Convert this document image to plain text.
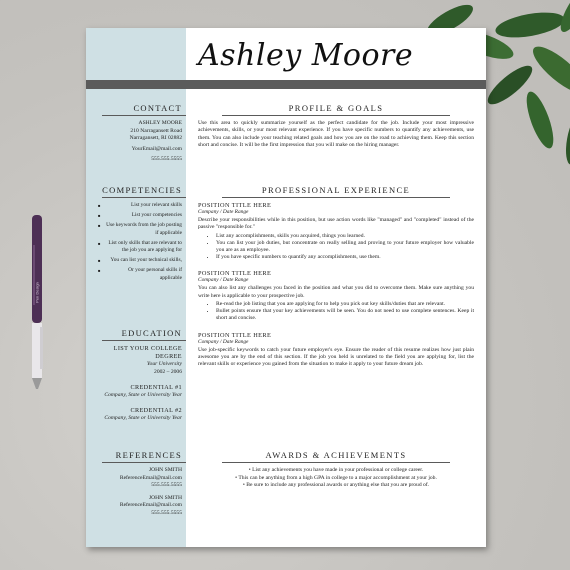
Ashley Moore
CONTACT
ASHLEY MOORE
210 Narragansett Road
Narragansett, RI 02882
YourEmail@mail.com
555.555.5555
COMPETENCIES
■ List your relevant skills
■ List your competencies
■ Use keywords from the job posting if applicable
■ List only skills that are relevant to the job you are applying for
■ You can list your technical skills,
■ Or your personal skills if applicable
EDUCATION
LIST YOUR COLLEGE DEGREE
Your University
2002 – 2006
CREDENTIAL #1
Company, State or University Year
CREDENTIAL #2
Company, State or University Year
REFERENCES
JOHN SMITH
ReferenceEmail@mail.com
555.555.5555
JOHN SMITH
ReferenceEmail@mail.com
555.555.5555
PROFILE & GOALS
Use this area to quickly summarize yourself as the perfect candidate for the job. Include your most impressive achievements, skills, or your most relevant experience. If you have specific numbers to quantify any achievements, use them. You can also include your teaching related goals and how you are on the road to achieving them. Keep this section short and concise. It will be the first impression that you will make on the hiring manager.
PROFESSIONAL EXPERIENCE
POSITION TITLE HERE
Company / Date Range
Describe your responsibilities while in this position, but use action words like "managed" and "completed" instead of the passive "responsible for."
• List any accomplishments, skills you acquired, things you learned.
• You can list your job duties, but concentrate on really selling and proving to your future employer how valuable you are as an employee.
• If you have specific numbers to quantify any accomplishments, use them.
POSITION TITLE HERE
Company / Date Range
You can also list any challenges you faced in the position and what you did to overcome them. Make sure anything you write here is applicable to your prospective job.
• Re-read the job listing that you are applying for to help you pick out key skills/duties that are relevant.
• Bullet points ensure that your key achievements will be seen. You do not need to use complete sentences. Keep it short and concise.
POSITION TITLE HERE
Company / Date Range
Use job-specific keywords to catch your future employer's eye. Ensure the reader of this resume realizes how just plain awesome you are by the end of this section. If the job you held is unrelated to the field you are applying for, list the relevant skills or experience you gained from the situation to make it apply to your future dream job.
AWARDS & ACHIEVEMENTS
• List any achievements you have made in your professional or college career.
• This can be anything from a high GPA in college to a major accomplishment at your job.
• Be sure to include any professional awards or anything else that you are proud of.
Pen Design
